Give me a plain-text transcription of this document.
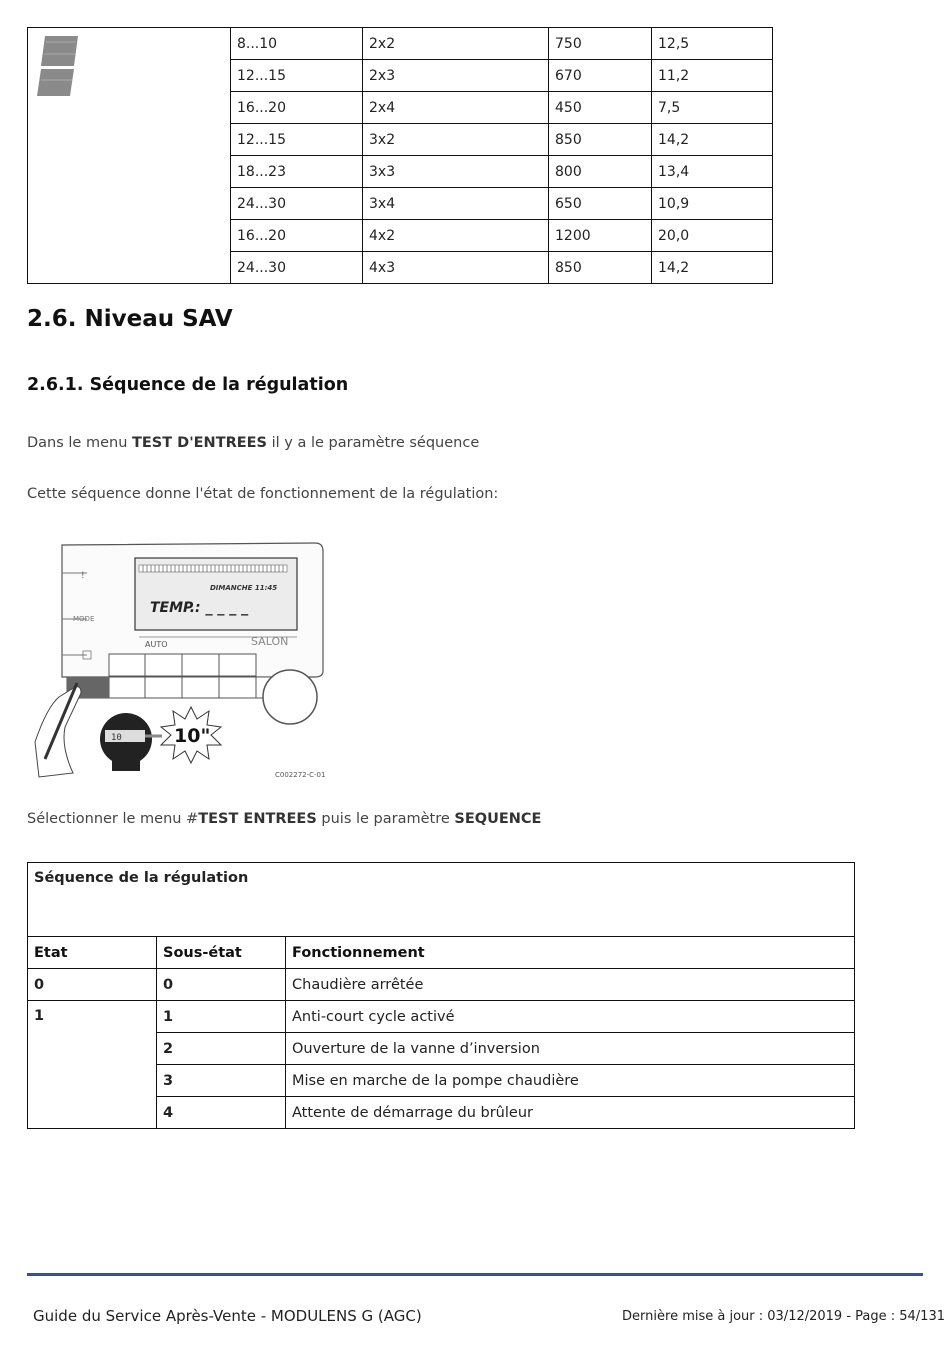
	8...10	2x2	750	12,5
	12...15	2x3	670	11,2
	16...20	2x4	450	7,5
	12...15	3x2	850	14,2
	18...23	3x3	800	13,4
	24...30	3x4	650	10,9
	16...20	4x2	1200	20,0
	24...30	4x3	850	14,2
2.6. Niveau SAV
2.6.1. Séquence de la régulation

Dans le menu TEST D'ENTREES il y a le paramètre séquence

Cette séquence donne l'état de fonctionnement de la régulation:

!
MODE
DIMANCHE 11:45
TEMP.: _ _ _ _
AUTO	SALON
10	10"
C002272-C-01

Sélectionner le menu #TEST ENTREES puis le paramètre SEQUENCE

Séquence de la régulation		
Etat	Sous-état	Fonctionnement
0	0	Chaudière arrêtée
1	1	Anti-court cycle activé
	2	Ouverture de la vanne d’inversion
	3	Mise en marche de la pompe chaudière
	4	Attente de démarrage du brûleur
Guide du Service Après-Vente - MODULENS G (AGC)	Dernière mise à jour : 03/12/2019 - Page : 54/131
